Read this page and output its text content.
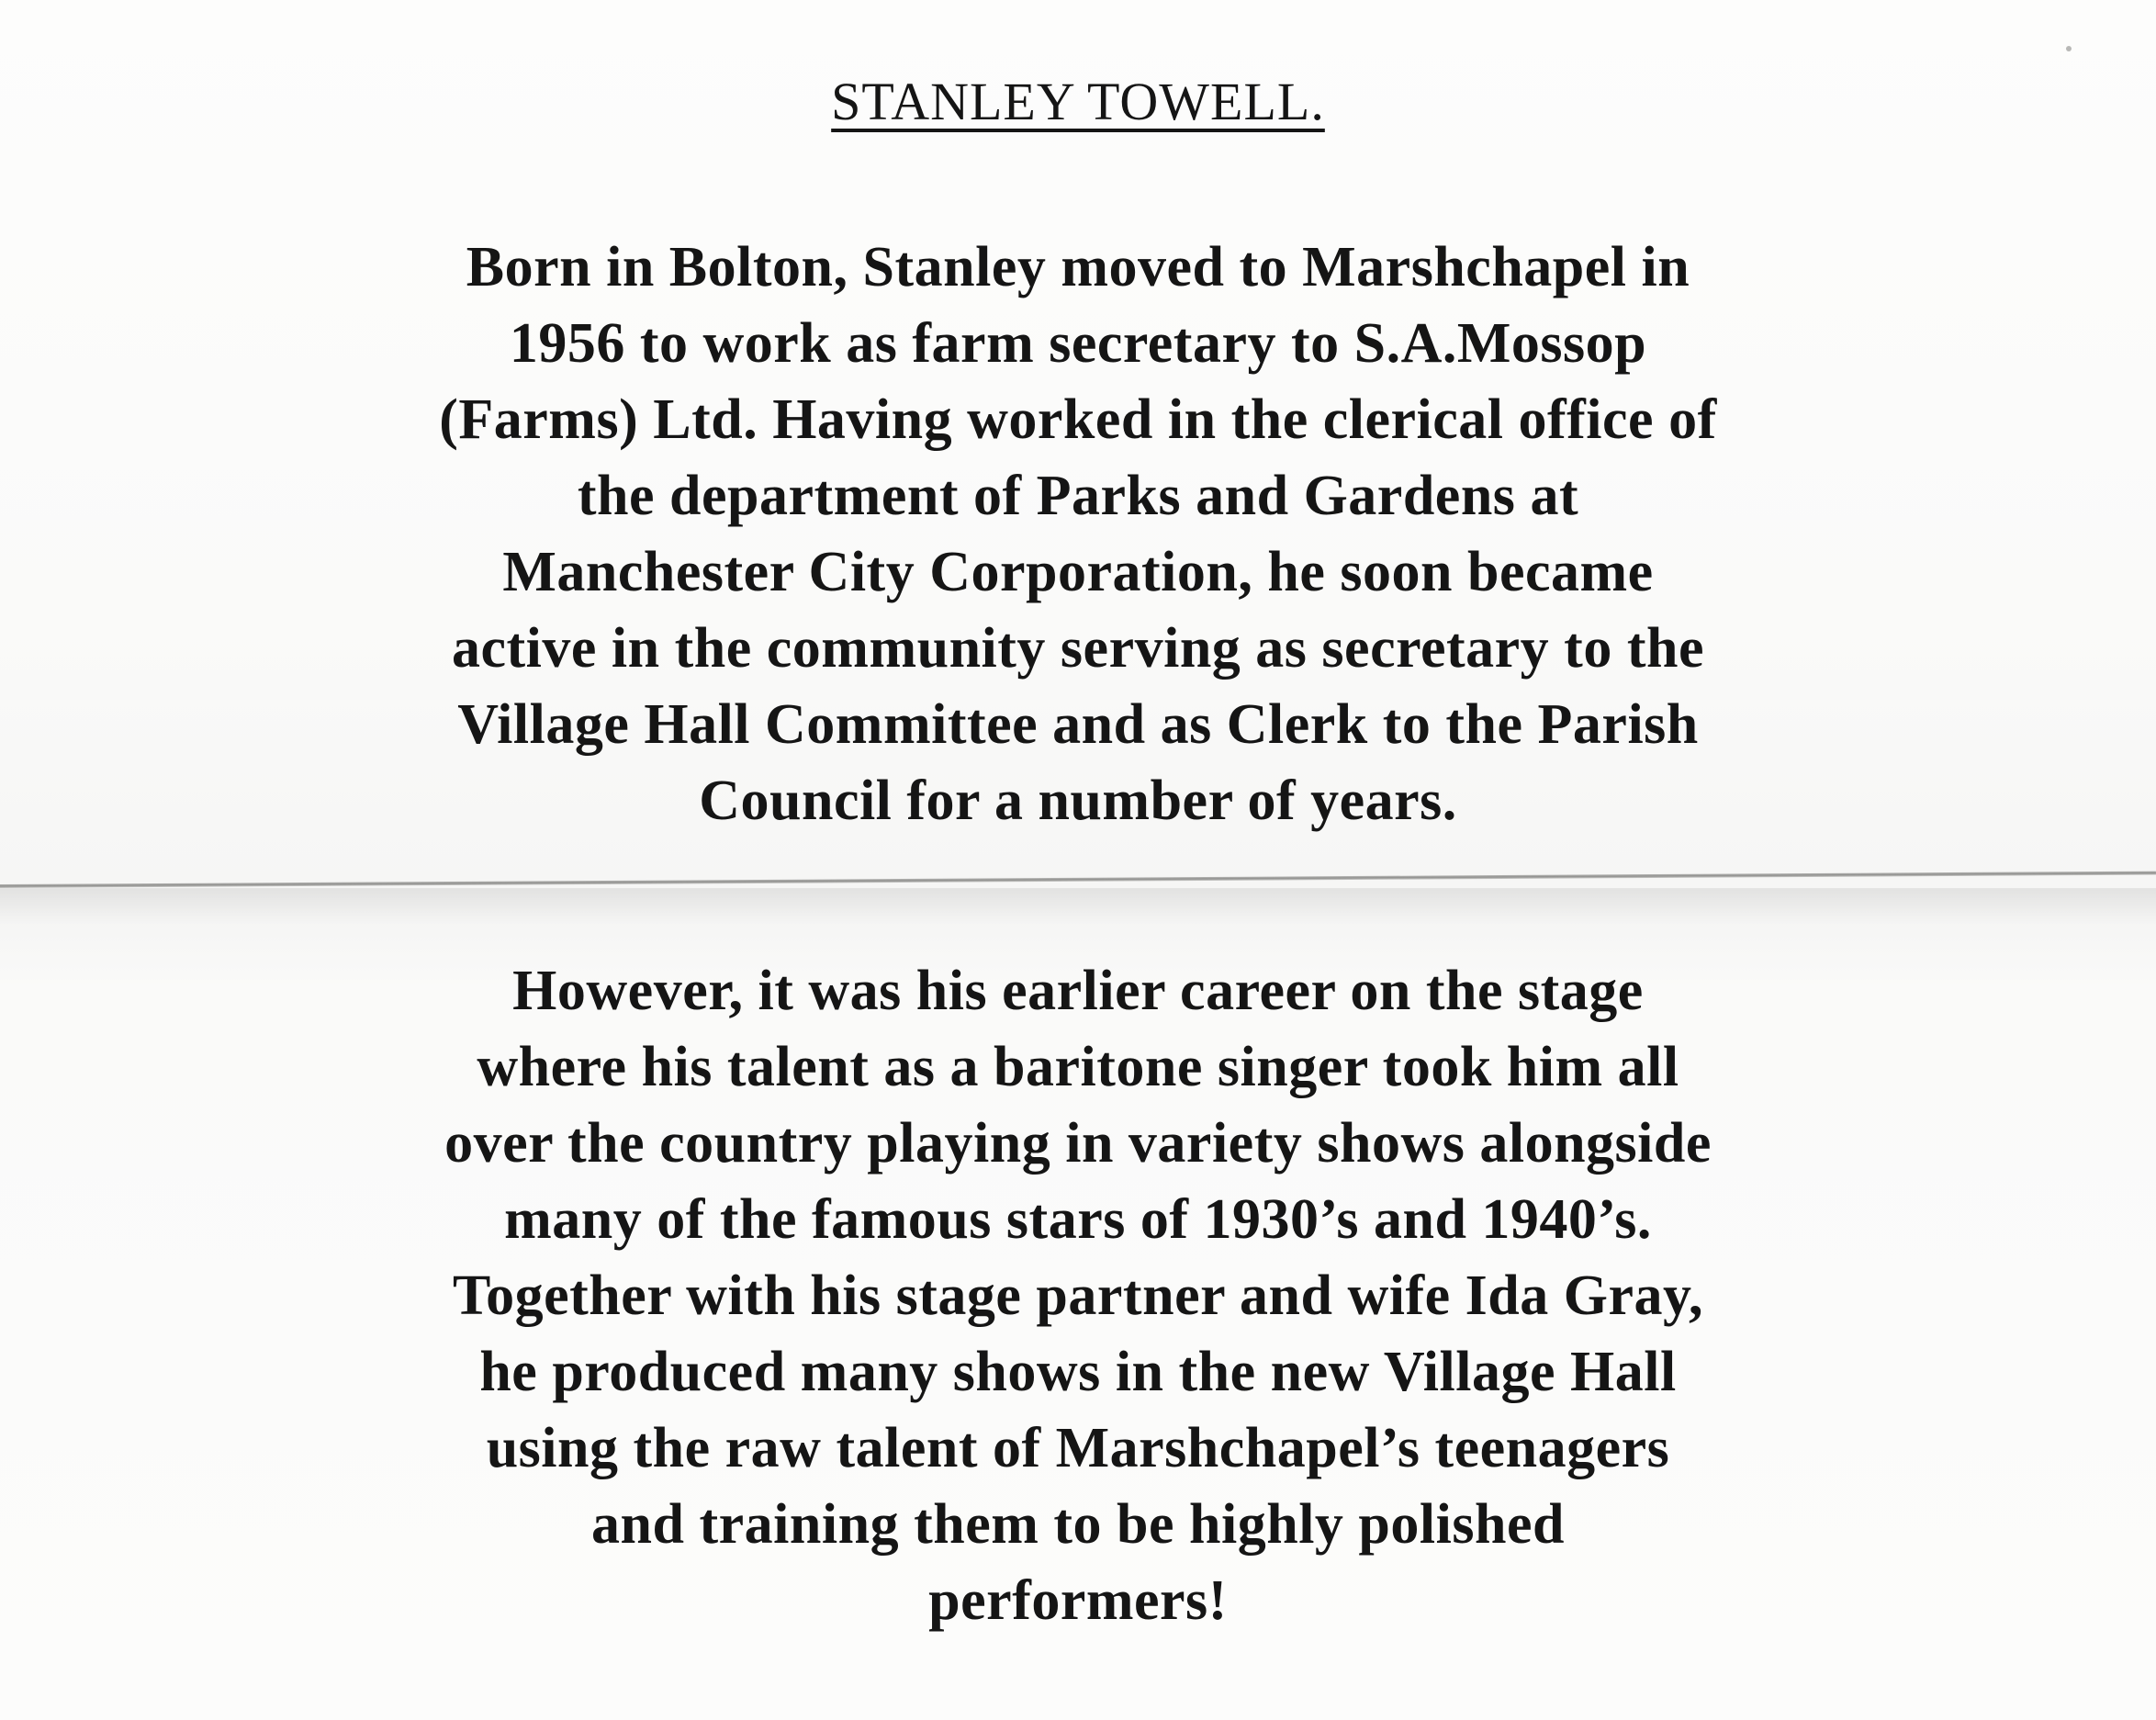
STANLEY TOWELL.
Born in Bolton, Stanley moved to Marshchapel in
1956 to work as farm secretary to S.A.Mossop
(Farms) Ltd. Having worked in the clerical office of
the department of Parks and Gardens at
Manchester City Corporation, he soon became
active in the community serving as secretary to the
Village Hall Committee and as Clerk to the Parish
Council for a number of years.
However, it was his earlier career on the stage
where his talent as a baritone singer took him all
over the country playing in variety shows alongside
many of the famous stars of 1930’s and 1940’s.
Together with his stage partner and wife Ida Gray,
he produced many shows in the new Village Hall
using the raw talent of Marshchapel’s teenagers
and training them to be highly polished
performers!
